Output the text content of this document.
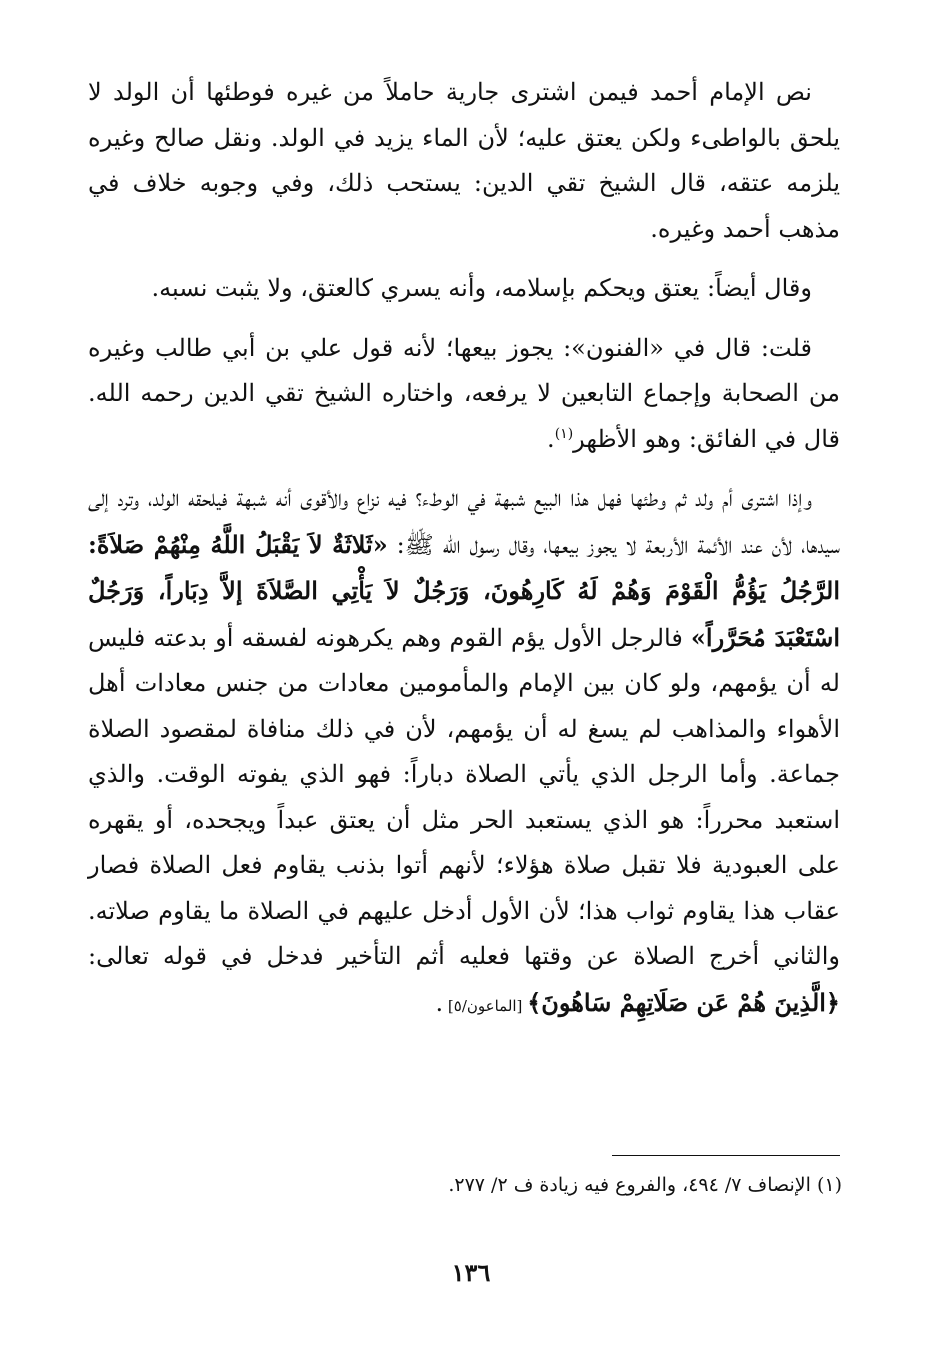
نص الإمام أحمد فيمن اشترى جارية حاملاً من غيره فوطئها أن الولد لا يلحق بالواطىء ولكن يعتق عليه؛ لأن الماء يزيد في الولد. ونقل صالح وغيره يلزمه عتقه، قال الشيخ تقي الدين: يستحب ذلك، وفي وجوبه خلاف في مذهب أحمد وغيره.

وقال أيضاً: يعتق ويحكم بإسلامه، وأنه يسري كالعتق، ولا يثبت نسبه.

قلت: قال في «الفنون»: يجوز بيعها؛ لأنه قول علي بن أبي طالب وغيره من الصحابة وإجماع التابعين لا يرفعه، واختاره الشيخ تقي الدين رحمه الله. قال في الفائق: وهو الأظهر$^{(١)}$.

وإذا اشترى أم ولد ثم وطئها فهل هذا البيع شبهة في الوطء؟ فيه نزاع والأقوى أنه شبهة فيلحقه الولد، وترد إلى سيدها، لأن عند الأئمة الأربعة لا يجوز بيعها، وقال رسول الله ﷺ: «ثَلاثَةٌ لاَ يَقْبَلُ اللَّهُ مِنْهُمْ صَلاَةً: الرَّجُلُ يَؤُمُّ الْقَوْمَ وَهُمْ لَهُ كَارِهُونَ، وَرَجُلٌ لاَ يَأْتِي الصَّلاَةَ إلاَّ دِبَاراً، وَرَجُلٌ اسْتَعْبَدَ مُحَرَّراً» فالرجل الأول يؤم القوم وهم يكرهونه لفسقه أو بدعته فليس له أن يؤمهم، ولو كان بين الإمام والمأمومين معادات من جنس معادات أهل الأهواء والمذاهب لم يسغ له أن يؤمهم، لأن في ذلك منافاة لمقصود الصلاة جماعة. وأما الرجل الذي يأتي الصلاة دباراً: فهو الذي يفوته الوقت. والذي استعبد محرراً: هو الذي يستعبد الحر مثل أن يعتق عبداً ويجحده، أو يقهره على العبودية فلا تقبل صلاة هؤلاء؛ لأنهم أتوا بذنب يقاوم فعل الصلاة فصار عقاب هذا يقاوم ثواب هذا؛ لأن الأول أدخل عليهم في الصلاة ما يقاوم صلاته. والثاني أخرج الصلاة عن وقتها فعليه أثم التأخير فدخل في قوله تعالى: ﴿الَّذِينَ هُمْ عَن صَلَاتِهِمْ سَاهُونَ﴾ [الماعون/٥] .

(١) الإنصاف ٧/ ٤٩٤، والفروع فيه زيادة ف ٢/ ٢٧٧.
١٣٦
